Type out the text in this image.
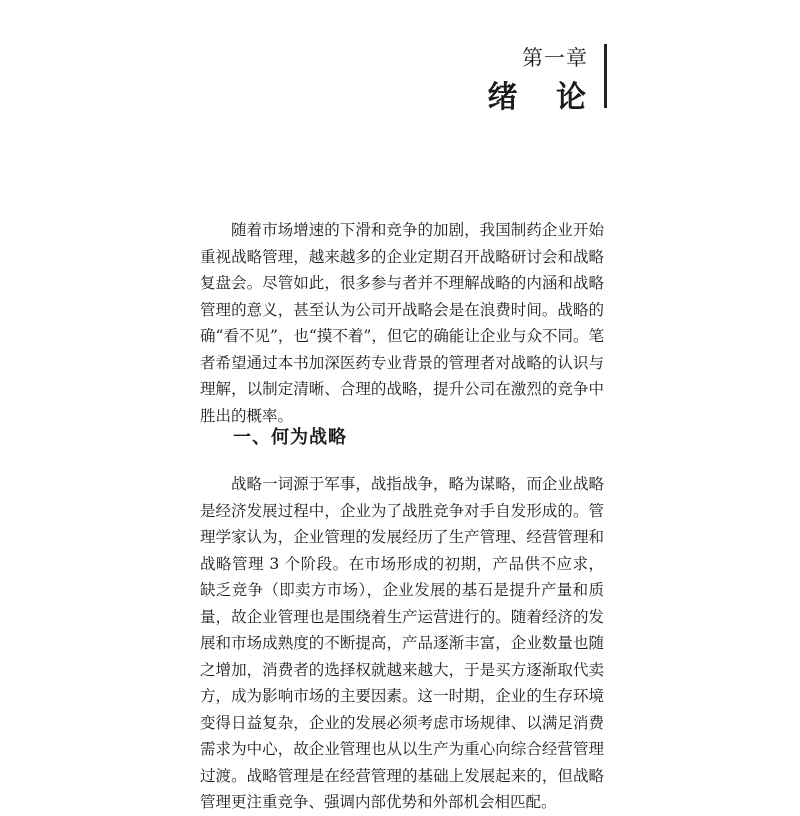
第一章
绪 论

随着市场增速的下滑和竞争的加剧，我国制药企业开始重视战略管理，越来越多的企业定期召开战略研讨会和战略复盘会。尽管如此，很多参与者并不理解战略的内涵和战略管理的意义，甚至认为公司开战略会是在浪费时间。战略的确“看不见”，也“摸不着”，但它的确能让企业与众不同。笔者希望通过本书加深医药专业背景的管理者对战略的认识与理解，以制定清晰、合理的战略，提升公司在激烈的竞争中胜出的概率。

一、何为战略

战略一词源于军事，战指战争，略为谋略，而企业战略是经济发展过程中，企业为了战胜竞争对手自发形成的。管理学家认为，企业管理的发展经历了生产管理、经营管理和战略管理 3 个阶段。在市场形成的初期，产品供不应求，缺乏竞争（即卖方市场），企业发展的基石是提升产量和质量，故企业管理也是围绕着生产运营进行的。随着经济的发展和市场成熟度的不断提高，产品逐渐丰富，企业数量也随之增加，消费者的选择权就越来越大，于是买方逐渐取代卖方，成为影响市场的主要因素。这一时期，企业的生存环境变得日益复杂，企业的发展必须考虑市场规律、以满足消费需求为中心，故企业管理也从以生产为重心向综合经营管理过渡。战略管理是在经营管理的基础上发展起来的，但战略管理更注重竞争、强调内部优势和外部机会相匹配。
